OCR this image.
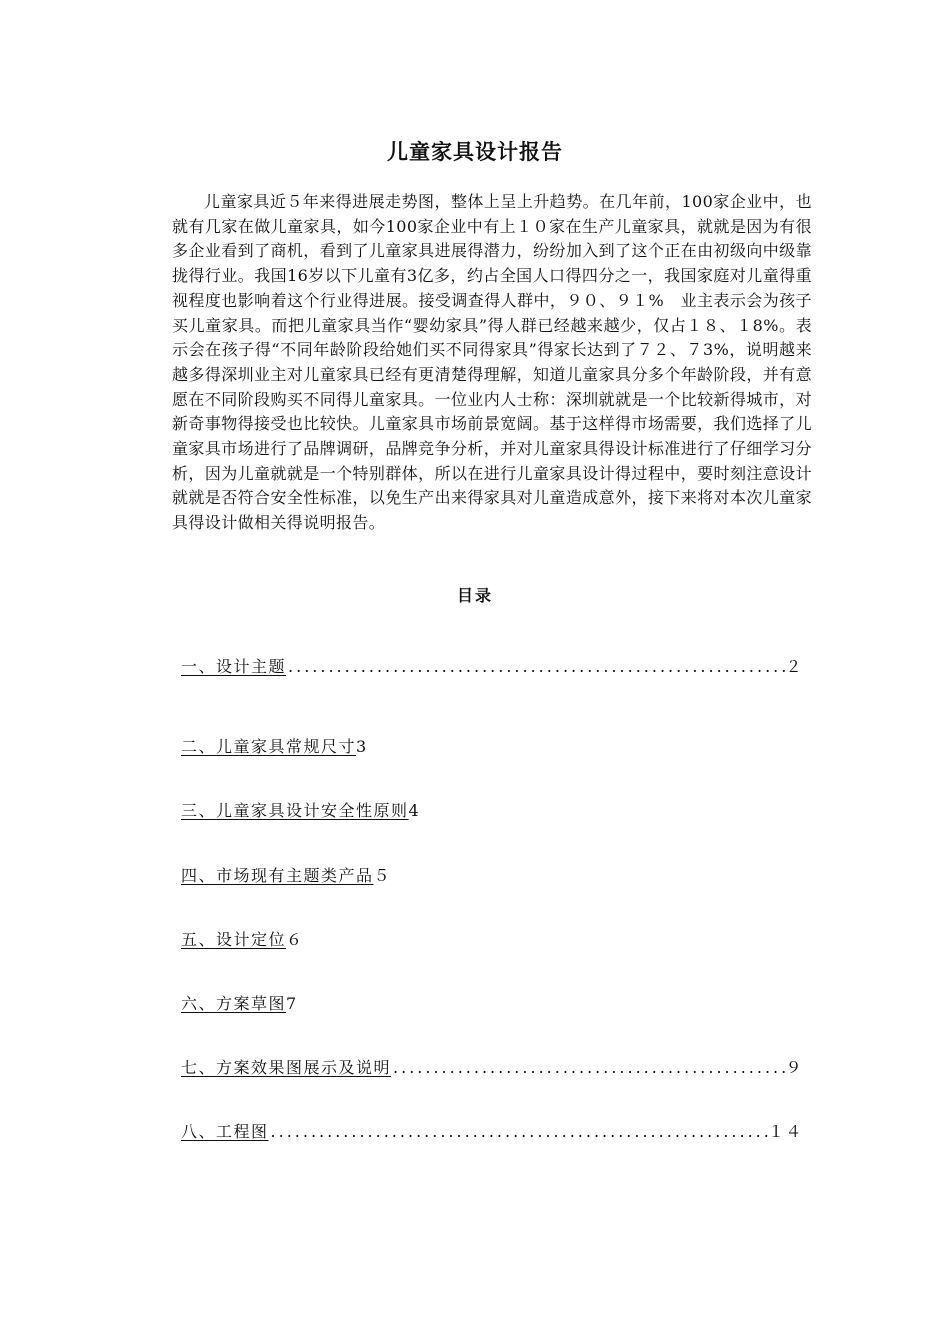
儿童家具设计报告

儿童家具近５年来得进展走势图，整体上呈上升趋势。在几年前，100家企业中，也就有几家在做儿童家具，如今100家企业中有上１０家在生产儿童家具，就就是因为有很多企业看到了商机，看到了儿童家具进展得潜力，纷纷加入到了这个正在由初级向中级靠拢得行业。我国16岁以下儿童有3亿多，约占全国人口得四分之一，我国家庭对儿童得重视程度也影响着这个行业得进展。接受调查得人群中，９０、９１%　业主表示会为孩子买儿童家具。而把儿童家具当作“婴幼家具”得人群已经越来越少，仅占１８、１8%。表示会在孩子得“不同年龄阶段给她们买不同得家具”得家长达到了７２、７3%，说明越来越多得深圳业主对儿童家具已经有更清楚得理解，知道儿童家具分多个年龄阶段，并有意愿在不同阶段购买不同得儿童家具。一位业内人士称：深圳就就是一个比较新得城市，对新奇事物得接受也比较快。儿童家具市场前景宽阔。基于这样得市场需要，我们选择了儿童家具市场进行了品牌调研，品牌竞争分析，并对儿童家具得设计标准进行了仔细学习分析，因为儿童就就是一个特别群体，所以在进行儿童家具设计得过程中，要时刻注意设计就就是否符合安全性标准，以免生产出来得家具对儿童造成意外，接下来将对本次儿童家具得设计做相关得说明报告。

目录
一、设计主题 .....	２
二、儿童家具常规尺寸 3
三、儿童家具设计安全性原则 4
四、市场现有主题类产品 ５
五、设计定位 ６
六、方案草图 7
七、方案效果图展示及说明 .....	９
八、工程图 .....	１４
